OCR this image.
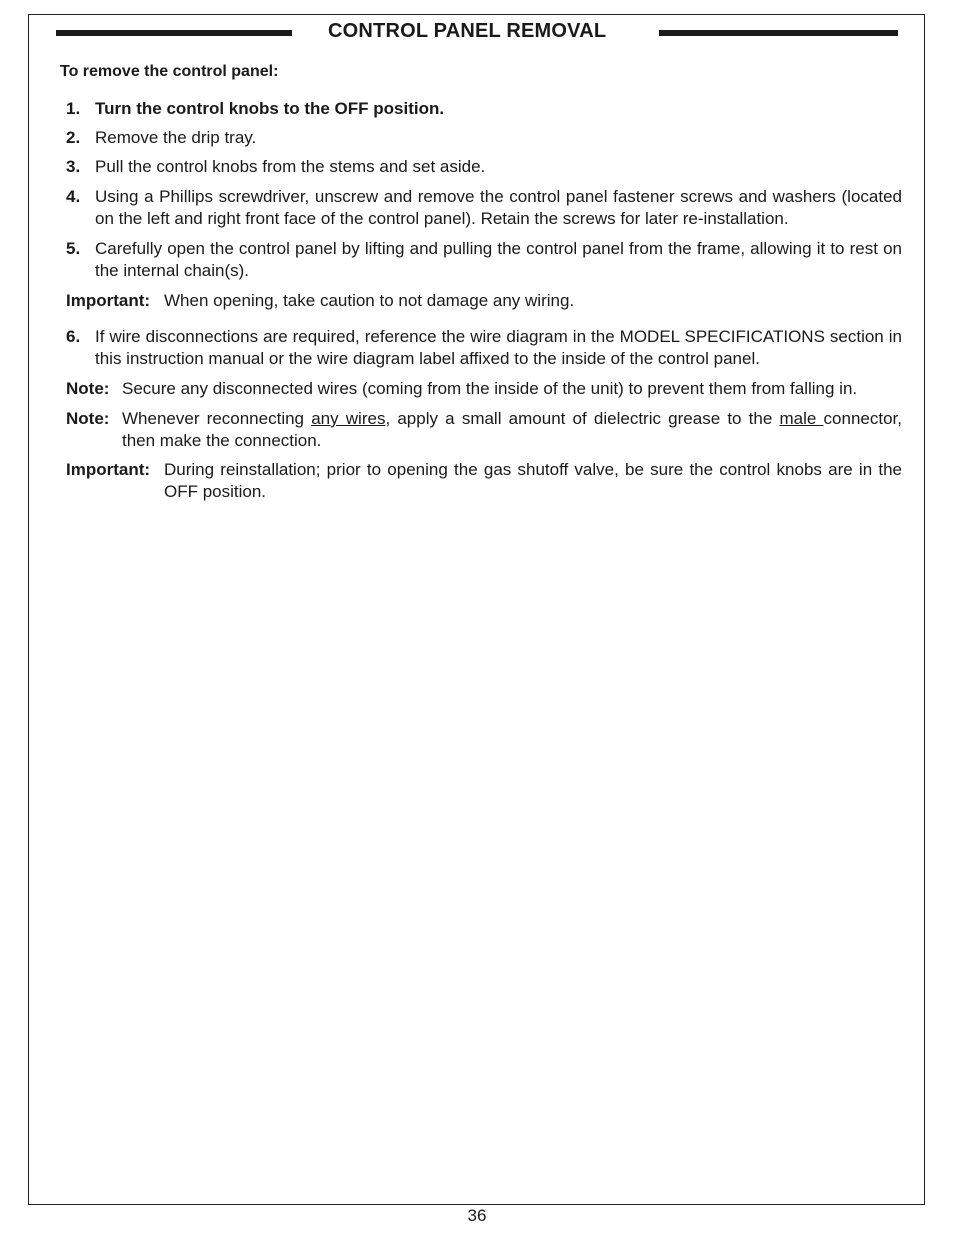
CONTROL PANEL REMOVAL
To remove the control panel:
1. Turn the control knobs to the OFF position.
2. Remove the drip tray.
3. Pull the control knobs from the stems and set aside.
4. Using a Phillips screwdriver, unscrew and remove the control panel fastener screws and washers (located on the left and right front face of the control panel). Retain the screws for later re-installation.
5. Carefully open the control panel by lifting and pulling the control panel from the frame, allowing it to rest on the internal chain(s).
Important: When opening, take caution to not damage any wiring.
6. If wire disconnections are required, reference the wire diagram in the MODEL SPECIFICATIONS section in this instruction manual or the wire diagram label affixed to the inside of the control panel.
Note: Secure any disconnected wires (coming from the inside of the unit) to prevent them from falling in.
Note: Whenever reconnecting any wires, apply a small amount of dielectric grease to the male connector, then make the connection.
Important: During reinstallation; prior to opening the gas shutoff valve, be sure the control knobs are in the OFF position.
36
